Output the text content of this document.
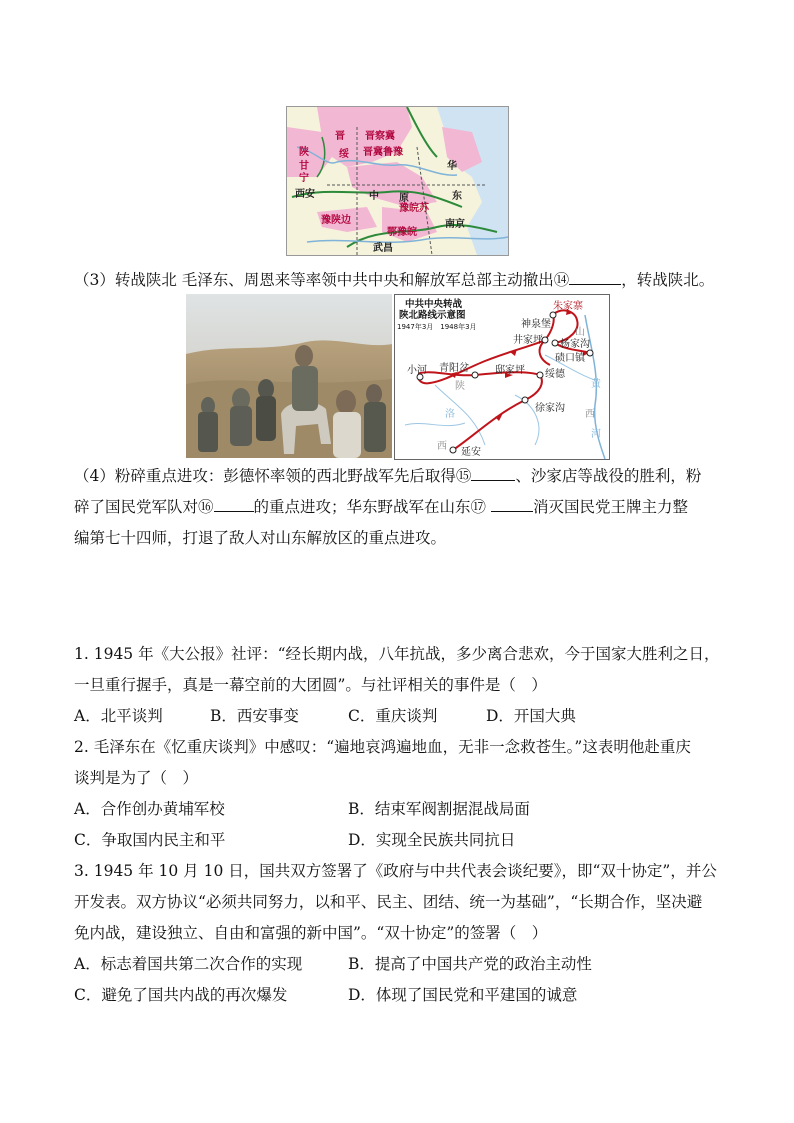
晋 晋察冀
陕	绥 晋冀鲁豫
甘
宁
华
西安	中 原	东
豫皖苏
豫陕边	南京
鄂豫皖
武昌
（3）转战陕北 毛泽东、周恩来等率领中共中央和解放军总部主动撤出⑭	，转战陕北。
中共中央转战
陕北路线示意图
1947年3月　1948年3月
朱家寨
神泉堡
井家坪 杨家沟
碛口镇
山
小河 青阳岔	邸家坪 绥德
陕
西
黄
河
洛
徐家沟
西
延安
（4）粉碎重点进攻：彭德怀率领的西北野战军先后取得⑮	、沙家店等战役的胜利，粉
碎了国民党军队对⑯	的重点进攻；华东野战军在山东⑰	消灭国民党王牌主力整
编第七十四师，打退了敌人对山东解放区的重点进攻。
1. 1945 年《大公报》社评：“经长期内战，八年抗战，多少离合悲欢，今于国家大胜利之日，
一旦重行握手，真是一幕空前的大团圆”。与社评相关的事件是（　）
A．北平谈判	B．西安事变	C．重庆谈判	D．开国大典
2. 毛泽东在《忆重庆谈判》中感叹：“遍地哀鸿遍地血，无非一念救苍生。”这表明他赴重庆
谈判是为了（　）
A．合作创办黄埔军校	B．结束军阀割据混战局面
C．争取国内民主和平	D．实现全民族共同抗日
3. 1945 年 10 月 10 日，国共双方签署了《政府与中共代表会谈纪要》，即“双十协定”，并公
开发表。双方协议“必须共同努力，以和平、民主、团结、统一为基础”，“长期合作，坚决避
免内战，建设独立、自由和富强的新中国”。“双十协定”的签署（　）
A．标志着国共第二次合作的实现	B．提高了中国共产党的政治主动性
C．避免了国共内战的再次爆发	D．体现了国民党和平建国的诚意
